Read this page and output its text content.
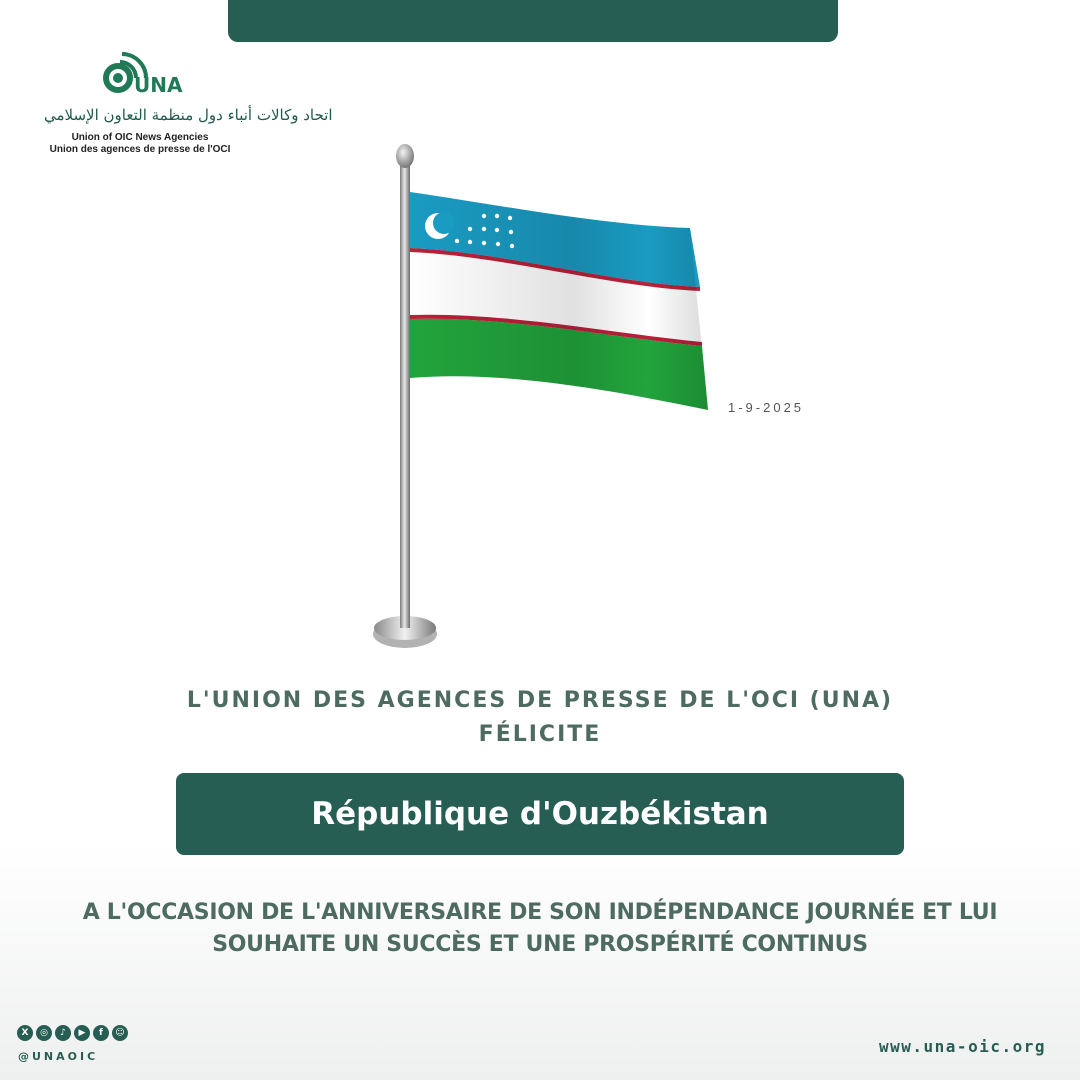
UNA
اتحاد وكالات أنباء دول منظمة التعاون الإسلامي
Union of OIC News Agencies
Union des agences de presse de l'OCI
1-9-2025
L'UNION DES AGENCES DE PRESSE DE L'OCI (UNA)
FÉLICITE
République d'Ouzbékistan
A L'OCCASION DE L'ANNIVERSAIRE DE SON INDÉPENDANCE JOURNÉE ET LUI
SOUHAITE UN SUCCÈS ET UNE PROSPÉRITÉ CONTINUS
X	◎	♪	▶	f	☺
@UNAOIC
www.una-oic.org
